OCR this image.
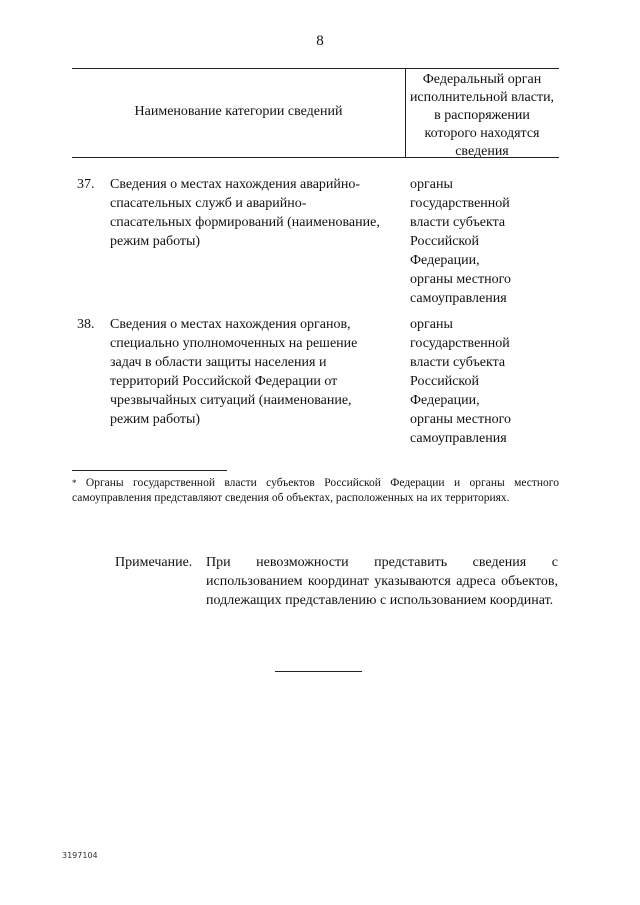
8
Наименование категории сведений
Федеральный орган
исполнительной власти,
в распоряжении
которого находятся
сведения
37. Сведения о местах нахождения аварийно-
спасательных служб и аварийно-
спасательных формирований (наименование,
режим работы)
органы
государственной
власти субъекта
Российской
Федерации,
органы местного
самоуправления
38. Сведения о местах нахождения органов,
специально уполномоченных на решение
задач в области защиты населения и
территорий Российской Федерации от
чрезвычайных ситуаций (наименование,
режим работы)
органы
государственной
власти субъекта
Российской
Федерации,
органы местного
самоуправления
* Органы государственной власти субъектов Российской Федерации и органы местного самоуправления представляют сведения об объектах, расположенных на их территориях.
Примечание. При невозможности представить сведения с использованием координат указываются адреса объектов, подлежащих представлению с использованием координат.
3197104
